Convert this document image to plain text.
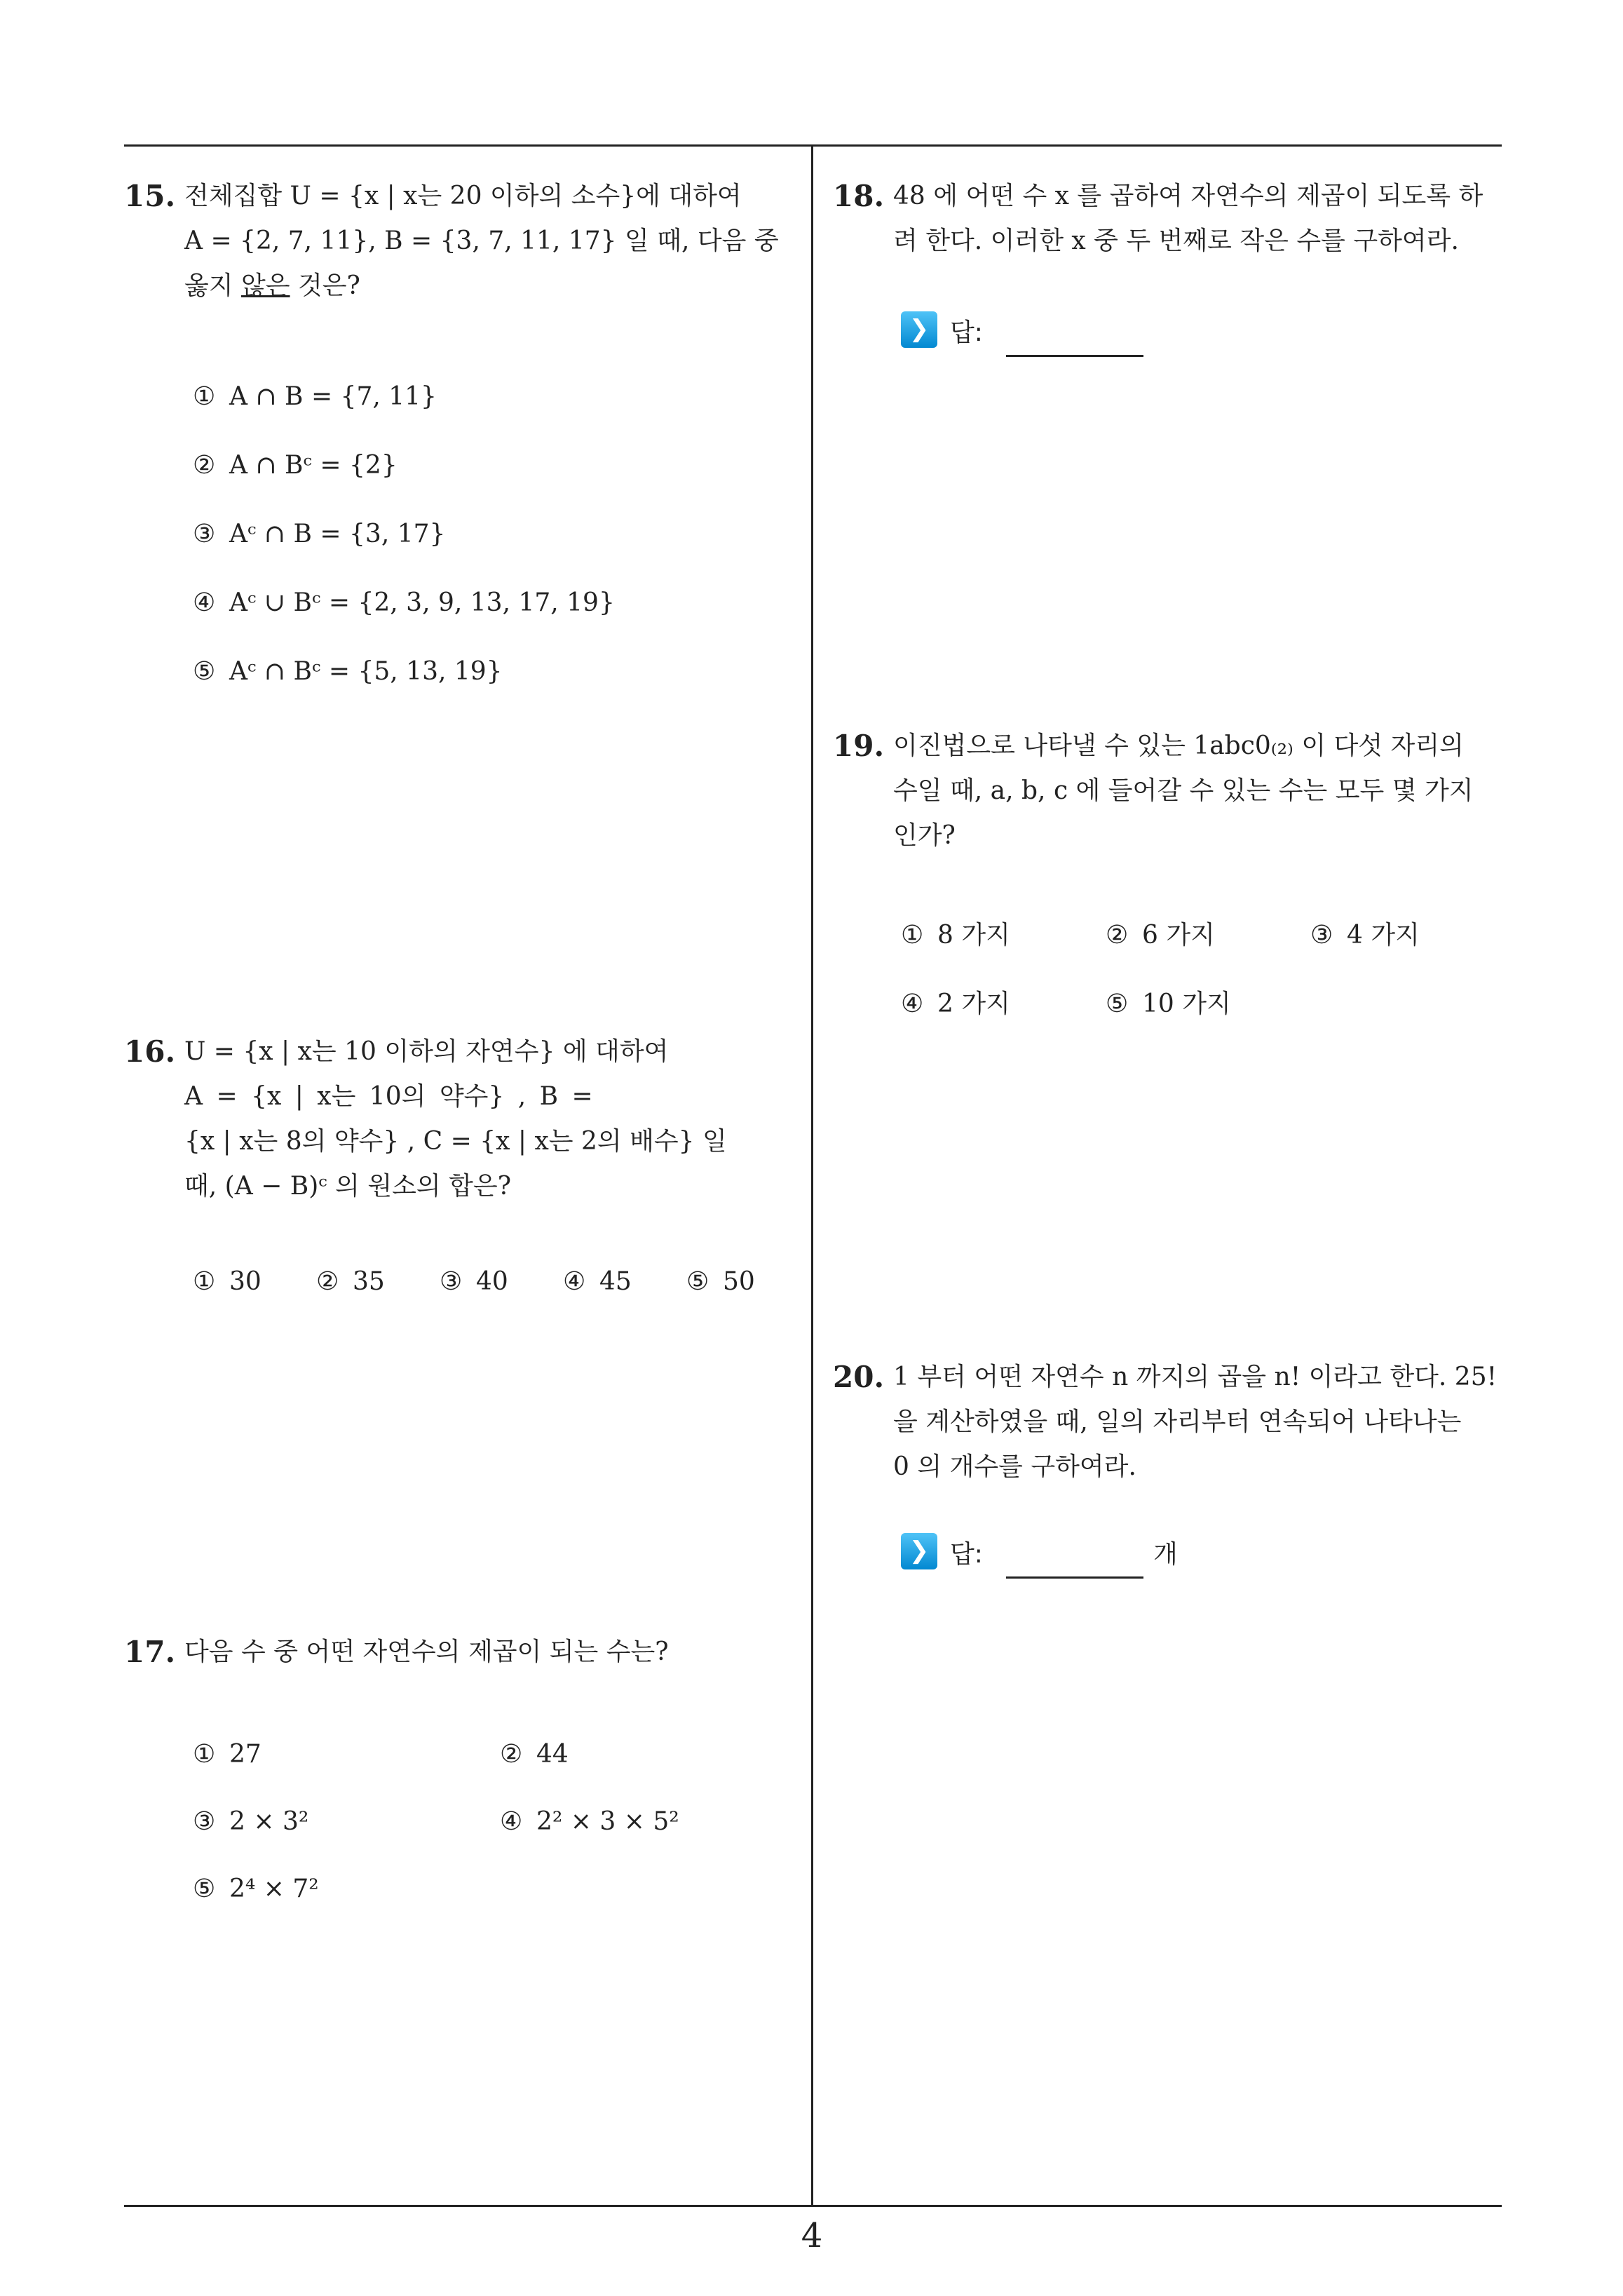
15. 전체집합 U = {x | x는 20 이하의 소수}에 대하여
A = {2, 7, 11}, B = {3, 7, 11, 17} 일 때, 다음 중
옳지 않은 것은?
① A ∩ B = {7, 11}
② A ∩ Bᶜ = {2}
③ Aᶜ ∩ B = {3, 17}
④ Aᶜ ∪ Bᶜ = {2, 3, 9, 13, 17, 19}
⑤ Aᶜ ∩ Bᶜ = {5, 13, 19}
16. U = {x | x는 10 이하의 자연수} 에 대하여
A = {x | x는 10의 약수} , B =
{x | x는 8의 약수} , C = {x | x는 2의 배수} 일
때, (A − B)ᶜ 의 원소의 합은?
① 30 ② 35 ③ 40 ④ 45 ⑤ 50
17. 다음 수 중 어떤 자연수의 제곱이 되는 수는?
① 27	② 44
③ 2 × 3²	④ 2² × 3 × 5²
⑤ 2⁴ × 7²
18. 48 에 어떤 수 x 를 곱하여 자연수의 제곱이 되도록 하
려 한다. 이러한 x 중 두 번째로 작은 수를 구하여라.
❯ 답:
19. 이진법으로 나타낼 수 있는 1abc0₍₂₎ 이 다섯 자리의
수일 때, a, b, c 에 들어갈 수 있는 수는 모두 몇 가지
인가?
① 8 가지	② 6 가지	③ 4 가지
④ 2 가지	⑤ 10 가지
20. 1 부터 어떤 자연수 n 까지의 곱을 n! 이라고 한다. 25!
을 계산하였을 때, 일의 자리부터 연속되어 나타나는
0 의 개수를 구하여라.
❯ 답:	개
4
